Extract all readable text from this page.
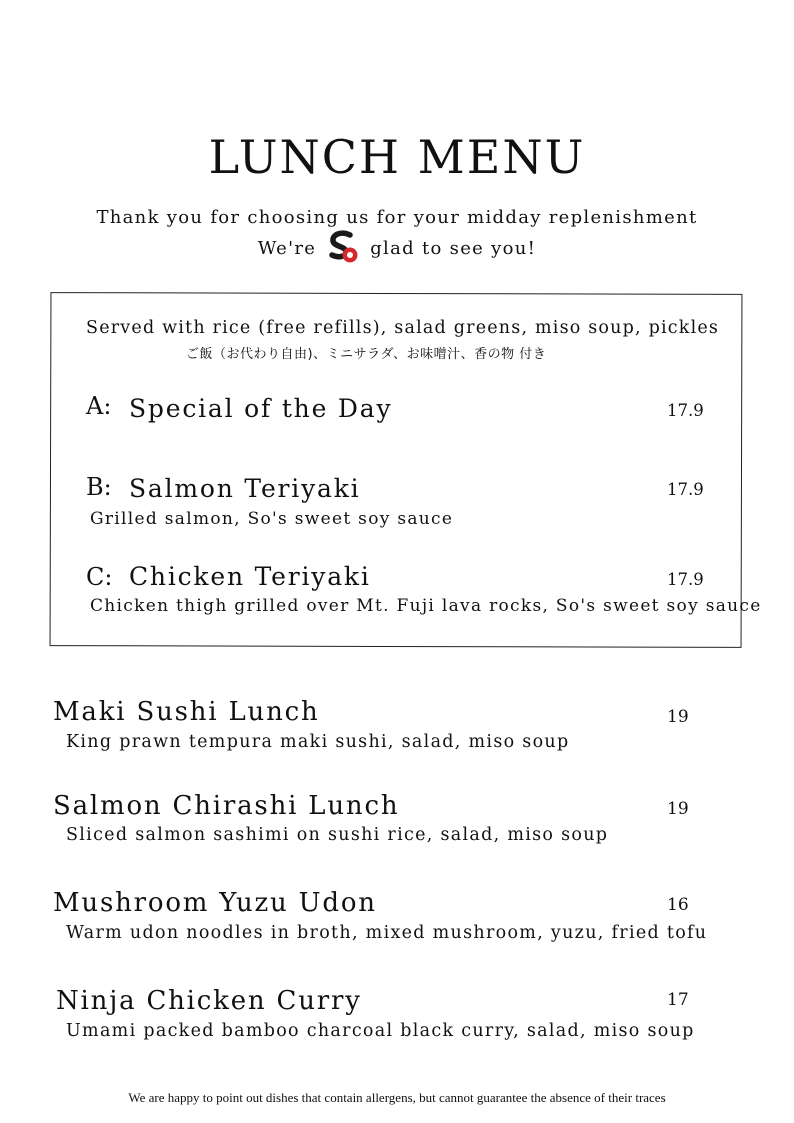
LUNCH MENU
Thank you for choosing us for your midday replenishment
We're	glad to see you!
Served with rice (free refills), salad greens, miso soup, pickles
ご飯（お代わり自由)、ミニサラダ、お味噌汁、香の物 付き
A: Special of the Day	17.9
B: Salmon Teriyaki	17.9
Grilled salmon, So's sweet soy sauce
C: Chicken Teriyaki	17.9
Chicken thigh grilled over Mt. Fuji lava rocks, So's sweet soy sauce
Maki Sushi Lunch	19
King prawn tempura maki sushi, salad, miso soup
Salmon Chirashi Lunch	19
Sliced salmon sashimi on sushi rice, salad, miso soup
Mushroom Yuzu Udon	16
Warm udon noodles in broth, mixed mushroom, yuzu, fried tofu
Ninja Chicken Curry	17
Umami packed bamboo charcoal black curry, salad, miso soup
We are happy to point out dishes that contain allergens, but cannot guarantee the absence of their traces
